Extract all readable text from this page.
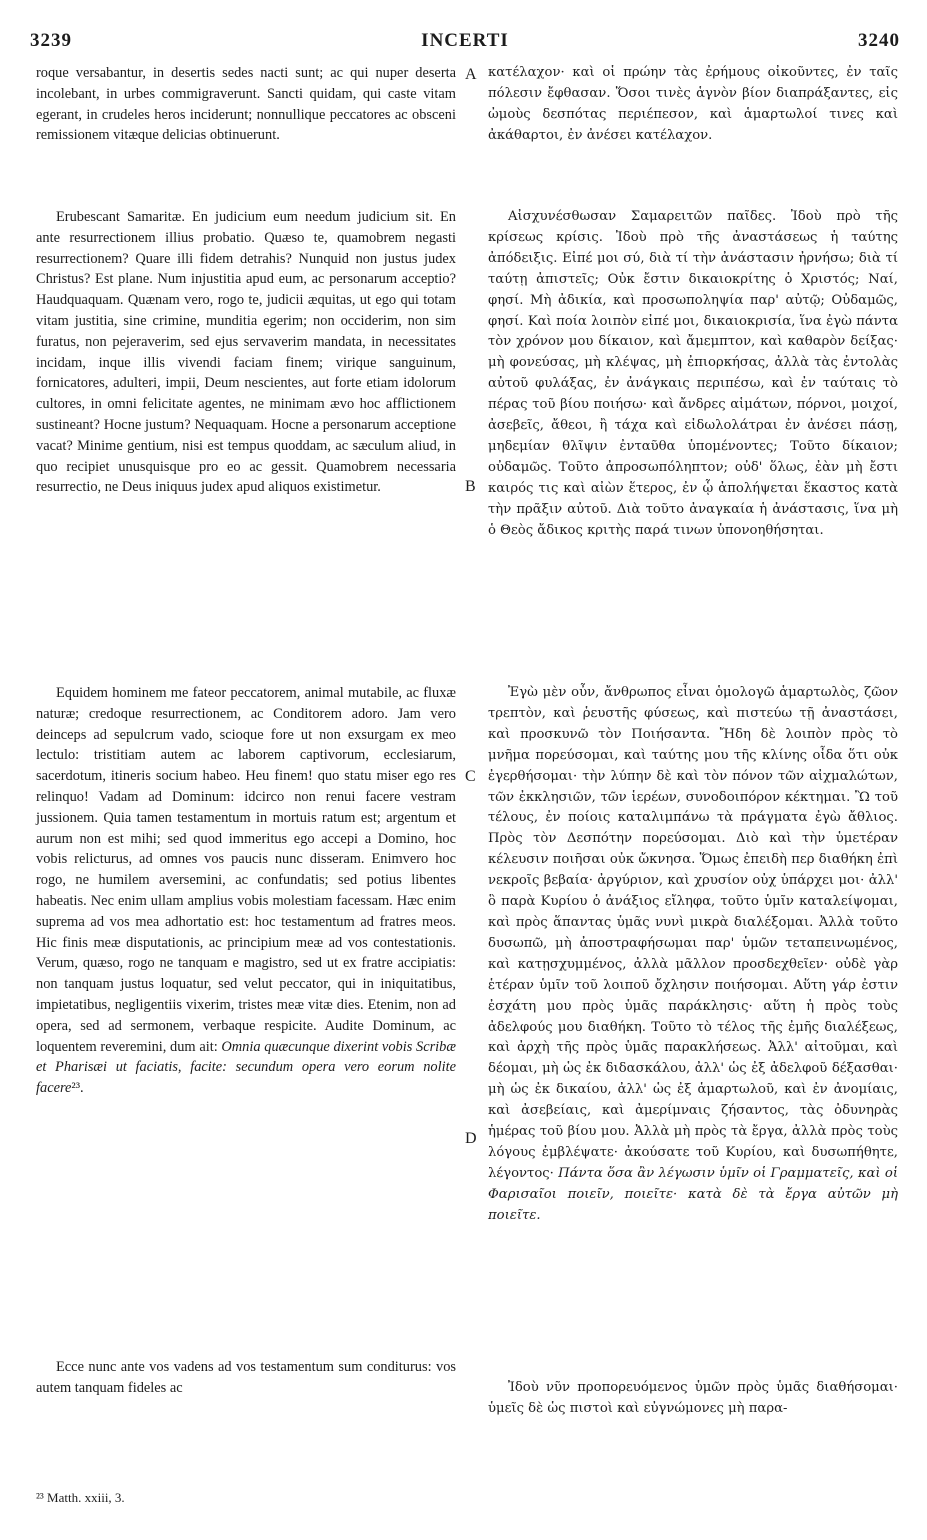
3239	INCERTI	3240

roque versabantur, in desertis sedes nacti sunt; ac qui nuper deserta incolebant, in urbes commigraverunt. Sancti quidam, qui caste vitam egerant, in crudeles heros inciderunt; nonnullique peccatores ac obsceni remissionem vitæque delicias obtinuerunt.

Erubescant Samaritæ. En judicium eum needum judicium sit. En ante resurrectionem illius probatio. Quæso te, quamobrem negasti resurrectionem? Quare illi fidem detrahis? Nunquid non justus judex Christus? Est plane. Num injustitia apud eum, ac personarum acceptio? Haudquaquam. Quænam vero, rogo te, judicii æquitas, ut ego qui totam vitam justitia, sine crimine, munditia egerim; non occiderim, non sim furatus, non pejeraverim, sed ejus servaverim mandata, in necessitates incidam, inque illis vivendi faciam finem; virique sanguinum, fornicatores, adulteri, impii, Deum nescientes, aut forte etiam idolorum cultores, in omni felicitate agentes, ne minimam ævo hoc afflictionem sustineant? Hocne justum? Nequaquam. Hocne a personarum acceptione vacat? Minime gentium, nisi est tempus quoddam, ac sæculum aliud, in quo recipiet unusquisque pro eo ac gessit. Quamobrem necessaria resurrectio, ne Deus iniquus judex apud aliquos existimetur.

Equidem hominem me fateor peccatorem, animal mutabile, ac fluxæ naturæ; credoque resurrectionem, ac Conditorem adoro. Jam vero deinceps ad sepulcrum vado, scioque fore ut non exsurgam ex meo lectulo: tristitiam autem ac laborem captivorum, ecclesiarum, sacerdotum, itineris socium habeo. Heu finem! quo statu miser ego res relinquo! Vadam ad Dominum: idcirco non renui facere vestram jussionem. Quia tamen testamentum in mortuis ratum est; argentum et aurum non est mihi; sed quod immeritus ego accepi a Domino, hoc vobis relicturus, ad omnes vos paucis nunc disseram. Enimvero hoc rogo, ne humilem aversemini, ac confundatis; sed potius libentes habeatis. Nec enim ullam amplius vobis molestiam facessam. Hæc enim suprema ad vos mea adhortatio est: hoc testamentum ad fratres meos. Hic finis meæ disputationis, ac principium meæ ad vos contestationis. Verum, quæso, rogo ne tanquam e magistro, sed ut ex fratre accipiatis: non tanquam justus loquatur, sed velut peccator, qui in iniquitatibus, impietatibus, negligentiis vixerim, tristes meæ vitæ dies. Etenim, non ad opera, sed ad sermonem, verbaque respicite. Audite Dominum, ac loquentem reveremini, dum ait: Omnia quæcunque dixerint vobis Scribæ et Pharisæi ut faciatis, facite: secundum opera vero eorum nolite facere²³.

Ecce nunc ante vos vadens ad vos testamentum sum conditurus: vos autem tanquam fideles ac

A
B
C
D

κατέλαχον· καὶ οἱ πρώην τὰς ἐρήμους οἰκοῦντες, ἐν ταῖς πόλεσιν ἔφθασαν. Ὅσοι τινὲς ἁγνὸν βίον διαπράξαντες, εἰς ὠμοὺς δεσπότας περιέπεσον, καὶ ἁμαρτωλοί τινες καὶ ἀκάθαρτοι, ἐν ἀνέσει κατέλαχον.

Αἰσχυνέσθωσαν Σαμαρειτῶν παῖδες. Ἰδοὺ πρὸ τῆς κρίσεως κρίσις. Ἰδοὺ πρὸ τῆς ἀναστάσεως ἡ ταύτης ἀπόδειξις. Εἰπέ μοι σύ, διὰ τί τὴν ἀνάστασιν ἠρνήσω; διὰ τί ταύτῃ ἀπιστεῖς; Οὐκ ἔστιν δικαιοκρίτης ὁ Χριστός; Ναί, φησί. Μὴ ἀδικία, καὶ προσωποληψία παρ' αὐτῷ; Οὐδαμῶς, φησί. Καὶ ποία λοιπὸν εἰπέ μοι, δικαιοκρισία, ἵνα ἐγὼ πάντα τὸν χρόνον μου δίκαιον, καὶ ἄμεμπτον, καὶ καθαρὸν δείξας· μὴ φονεύσας, μὴ κλέψας, μὴ ἐπιορκήσας, ἀλλὰ τὰς ἐντολὰς αὐτοῦ φυλάξας, ἐν ἀνάγκαις περιπέσω, καὶ ἐν ταύταις τὸ πέρας τοῦ βίου ποιήσω· καὶ ἄνδρες αἱμάτων, πόρνοι, μοιχοί, ἀσεβεῖς, ἄθεοι, ἢ τάχα καὶ εἰδωλολάτραι ἐν ἀνέσει πάσῃ, μηδεμίαν θλῖψιν ἐνταῦθα ὑπομένοντες; Τοῦτο δίκαιον; οὐδαμῶς. Τοῦτο ἀπροσωπόληπτον; οὐδ' ὅλως, ἐὰν μὴ ἔστι καιρός τις καὶ αἰὼν ἕτερος, ἐν ᾧ ἀπολήψεται ἕκαστος κατὰ τὴν πρᾶξιν αὐτοῦ. Διὰ τοῦτο ἀναγκαία ἡ ἀνάστασις, ἵνα μὴ ὁ Θεὸς ἄδικος κριτὴς παρά τινων ὑπονοηθήσηται.

Ἐγὼ μὲν οὖν, ἄνθρωπος εἶναι ὁμολογῶ ἁμαρτωλὸς, ζῶον τρεπτὸν, καὶ ῥευστῆς φύσεως, καὶ πιστεύω τῇ ἀναστάσει, καὶ προσκυνῶ τὸν Ποιήσαντα. Ἤδη δὲ λοιπὸν πρὸς τὸ μνῆμα πορεύσομαι, καὶ ταύτης μου τῆς κλίνης οἶδα ὅτι οὐκ ἐγερθήσομαι· τὴν λύπην δὲ καὶ τὸν πόνον τῶν αἰχμαλώτων, τῶν ἐκκλησιῶν, τῶν ἱερέων, συνοδοιπόρον κέκτημαι. Ὢ τοῦ τέλους, ἐν ποίοις καταλιμπάνω τὰ πράγματα ἐγὼ ἄθλιος. Πρὸς τὸν Δεσπότην πορεύσομαι. Διὸ καὶ τὴν ὑμετέραν κέλευσιν ποιῆσαι οὐκ ὤκνησα. Ὅμως ἐπειδὴ περ διαθήκη ἐπὶ νεκροῖς βεβαία· ἀργύριον, καὶ χρυσίον οὐχ ὑπάρχει μοι· ἀλλ' ὃ παρὰ Κυρίου ὁ ἀνάξιος εἴληφα, τοῦτο ὑμῖν καταλείψομαι, καὶ πρὸς ἅπαντας ὑμᾶς νυνὶ μικρὰ διαλέξομαι. Ἀλλὰ τοῦτο δυσωπῶ, μὴ ἀποστραφήσωμαι παρ' ὑμῶν τεταπεινωμένος, καὶ κατῃσχυμμένος, ἀλλὰ μᾶλλον προσδεχθεῖεν· οὐδὲ γὰρ ἑτέραν ὑμῖν τοῦ λοιποῦ ὄχλησιν ποιήσομαι. Αὕτη γάρ ἐστιν ἐσχάτη μου πρὸς ὑμᾶς παράκλησις· αὕτη ἡ πρὸς τοὺς ἀδελφούς μου διαθήκη. Τοῦτο τὸ τέλος τῆς ἐμῆς διαλέξεως, καὶ ἀρχὴ τῆς πρὸς ὑμᾶς παρακλήσεως. Ἀλλ' αἰτοῦμαι, καὶ δέομαι, μὴ ὡς ἐκ διδασκάλου, ἀλλ' ὡς ἐξ ἀδελφοῦ δέξασθαι· μὴ ὡς ἐκ δικαίου, ἀλλ' ὡς ἐξ ἁμαρτωλοῦ, καὶ ἐν ἀνομίαις, καὶ ἀσεβείαις, καὶ ἀμερίμναις ζήσαντος, τὰς ὀδυνηρὰς ἡμέρας τοῦ βίου μου. Ἀλλὰ μὴ πρὸς τὰ ἔργα, ἀλλὰ πρὸς τοὺς λόγους ἐμβλέψατε· ἀκούσατε τοῦ Κυρίου, καὶ δυσωπήθητε, λέγοντος· Πάντα ὅσα ἂν λέγωσιν ὑμῖν οἱ Γραμματεῖς, καὶ οἱ Φαρισαῖοι ποιεῖν, ποιεῖτε· κατὰ δὲ τὰ ἔργα αὐτῶν μὴ ποιεῖτε.

Ἰδοὺ νῦν προπορευόμενος ὑμῶν πρὸς ὑμᾶς διαθήσομαι· ὑμεῖς δὲ ὡς πιστοὶ καὶ εὐγνώμονες μὴ παρα-

²³ Matth. xxiii, 3.
